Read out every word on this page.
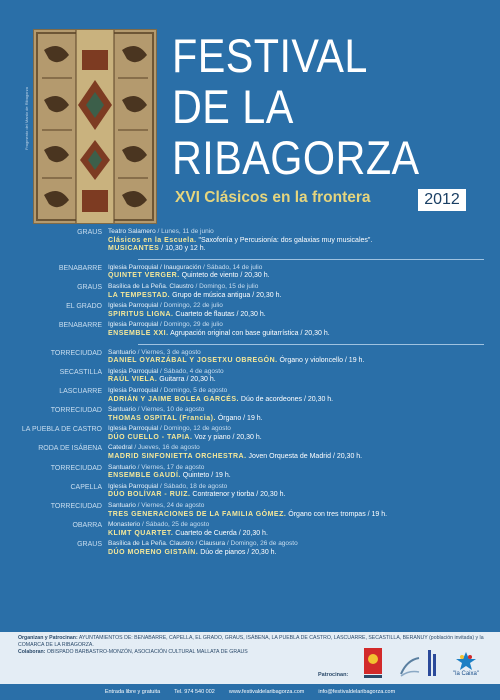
Fragmento del Manto de Ribagorza
FESTIVAL
DE LA
RIBAGORZA
XVI Clásicos en la frontera	2012
GRAUS Teatro Salamero / Lunes, 11 de junio
Clásicos en la Escuela. "Saxofonía y Percusionía: dos galaxias muy musicales".
MUSICANTES / 10,30 y 12 h.
BENABARRE Iglesia Parroquial / Inauguración / Sábado, 14 de julio
QUINTET VERGER. Quinteto de viento / 20,30 h.
GRAUS Basílica de La Peña. Claustro / Domingo, 15 de julio
LA TEMPESTAD. Grupo de música antigua / 20,30 h.
EL GRADO Iglesia Parroquial / Domingo, 22 de julio
SPIRITUS LIGNA. Cuarteto de flautas / 20,30 h.
BENABARRE Iglesia Parroquial / Domingo, 29 de julio
ENSEMBLE XXI. Agrupación original con base guitarrística / 20,30 h.
TORRECIUDAD Santuario / Viernes, 3 de agosto
DANIEL OYARZÁBAL Y JOSETXU OBREGÓN. Órgano y violoncello / 19 h.
SECASTILLA Iglesia Parroquial / Sábado, 4 de agosto
RAÚL VIELA. Guitarra / 20,30 h.
LASCUARRE Iglesia Parroquial / Domingo, 5 de agosto
ADRIÁN Y JAIME BOLEA GARCÉS. Dúo de acordeones / 20,30 h.
TORRECIUDAD Santuario / Viernes, 10 de agosto
THOMAS OSPITAL (Francia). Órgano / 19 h.
LA PUEBLA DE CASTRO Iglesia Parroquial / Domingo, 12 de agosto
DÚO CUELLO - TAPIA. Voz y piano / 20,30 h.
RODA DE ISÁBENA Catedral / Jueves, 16 de agosto
MADRID SINFONIETTA ORCHESTRA. Joven Orquesta de Madrid / 20,30 h.
TORRECIUDAD Santuario / Viernes, 17 de agosto
ENSEMBLE GAUDÍ. Quinteto / 19 h.
CAPELLA Iglesia Parroquial / Sábado, 18 de agosto
DÚO BOLÍVAR - RUIZ. Contratenor y tiorba / 20,30 h.
TORRECIUDAD Santuario / Viernes, 24 de agosto
TRES GENERACIONES DE LA FAMILIA GÓMEZ. Órgano con tres trompas / 19 h.
OBARRA Monasterio / Sábado, 25 de agosto
KLIMT QUARTET. Cuarteto de Cuerda / 20,30 h.
GRAUS Basílica de La Peña. Claustro / Clausura / Domingo, 26 de agosto
DÚO MORENO GISTAÍN. Dúo de pianos / 20,30 h.
Organizan y Patrocinan: AYUNTAMIENTOS DE: BENABARRE, CAPELLA, EL GRADO, GRAUS, ISÁBENA, LA PUEBLA DE CASTRO, LASCUARRE, SECASTILLA, BERANUY (población invitada) y la COMARCA DE LA RIBAGORZA.
Colaboran: OBISPADO BARBASTRO-MONZÓN, ASOCIACIÓN CULTURAL MALLATA DE GRAUS
Patrocinan:	"la Caixa"
Entrada libre y gratuita	Tel. 974 540 002	www.festivaldelaribagorza.com	info@festivaldelaribagorza.com
